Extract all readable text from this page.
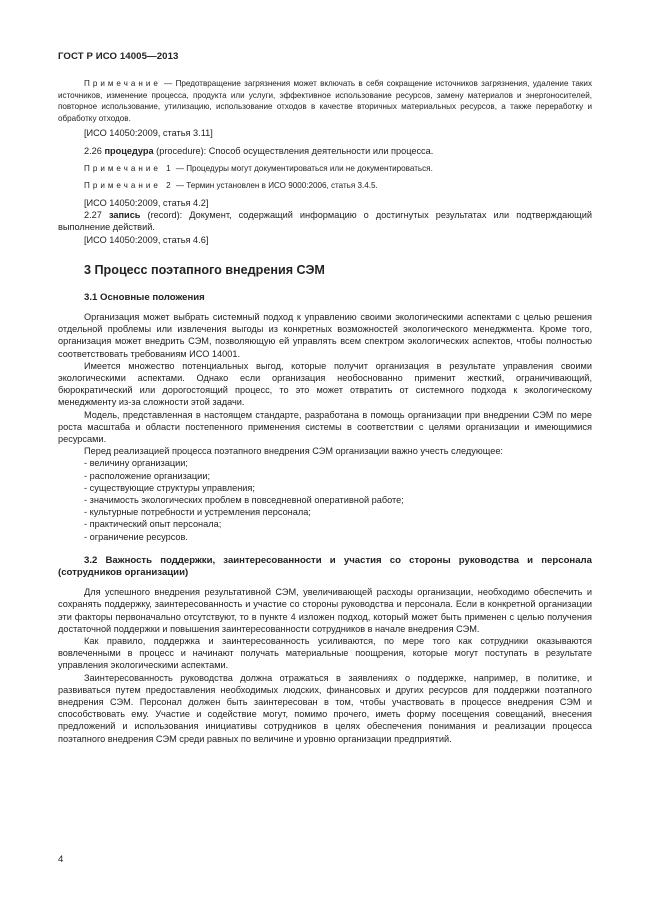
ГОСТ Р ИСО 14005—2013

Примечание — Предотвращение загрязнения может включать в себя сокращение источников загрязнения, удаление таких источников, изменение процесса, продукта или услуги, эффективное использование ресурсов, замену материалов и энергоносителей, повторное использование, утилизацию, использование отходов в качестве вторичных материальных ресурсов, а также переработку и обработку отходов.

[ИСО 14050:2009, статья 3.11]

2.26 процедура (procedure): Способ осуществления деятельности или процесса.

Примечание 1 — Процедуры могут документироваться или не документироваться.

Примечание 2 — Термин установлен в ИСО 9000:2006, статья 3.4.5.

[ИСО 14050:2009, статья 4.2]

2.27 запись (record): Документ, содержащий информацию о достигнутых результатах или подтверждающий выполнение действий.

[ИСО 14050:2009, статья 4.6]

3 Процесс поэтапного внедрения СЭМ
3.1 Основные положения

Организация может выбрать системный подход к управлению своими экологическими аспектами с целью решения отдельной проблемы или извлечения выгоды из конкретных возможностей экологического менеджмента. Кроме того, организация может внедрить СЭМ, позволяющую ей управлять всем спектром экологических аспектов, чтобы полностью соответствовать требованиям ИСО 14001.

Имеется множество потенциальных выгод, которые получит организация в результате управления своими экологическими аспектами. Однако если организация необоснованно применит жесткий, ограничивающий, бюрократический или дорогостоящий процесс, то это может отвратить от системного подхода к экологическому менеджменту из-за сложности этой задачи.

Модель, представленная в настоящем стандарте, разработана в помощь организации при внедрении СЭМ по мере роста масштаба и области постепенного применения системы в соответствии с целями организации и имеющимися ресурсами.

Перед реализацией процесса поэтапного внедрения СЭМ организации важно учесть следующее:

- величину организации;
- расположение организации;
- существующие структуры управления;
- значимость экологических проблем в повседневной оперативной работе;
- культурные потребности и устремления персонала;
- практический опыт персонала;
- ограничение ресурсов.
3.2 Важность поддержки, заинтересованности и участия со стороны руководства и персонала (сотрудников организации)

Для успешного внедрения результативной СЭМ, увеличивающей расходы организации, необходимо обеспечить и сохранять поддержку, заинтересованность и участие со стороны руководства и персонала. Если в конкретной организации эти факторы первоначально отсутствуют, то в пункте 4 изложен подход, который может быть применен с целью получения достаточной поддержки и повышения заинтересованности сотрудников в начале внедрения СЭМ.

Как правило, поддержка и заинтересованность усиливаются, по мере того как сотрудники оказываются вовлеченными в процесс и начинают получать материальные поощрения, которые могут поступать в результате управления экологическими аспектами.

Заинтересованность руководства должна отражаться в заявлениях о поддержке, например, в политике, и развиваться путем предоставления необходимых людских, финансовых и других ресурсов для поддержки поэтапного внедрения СЭМ. Персонал должен быть заинтересован в том, чтобы участвовать в процессе внедрения СЭМ и способствовать ему. Участие и содействие могут, помимо прочего, иметь форму посещения совещаний, внесения предложений и использования инициативы сотрудников в целях обеспечения понимания и реализации процесса поэтапного внедрения СЭМ среди равных по величине и уровню организации предприятий.

4
